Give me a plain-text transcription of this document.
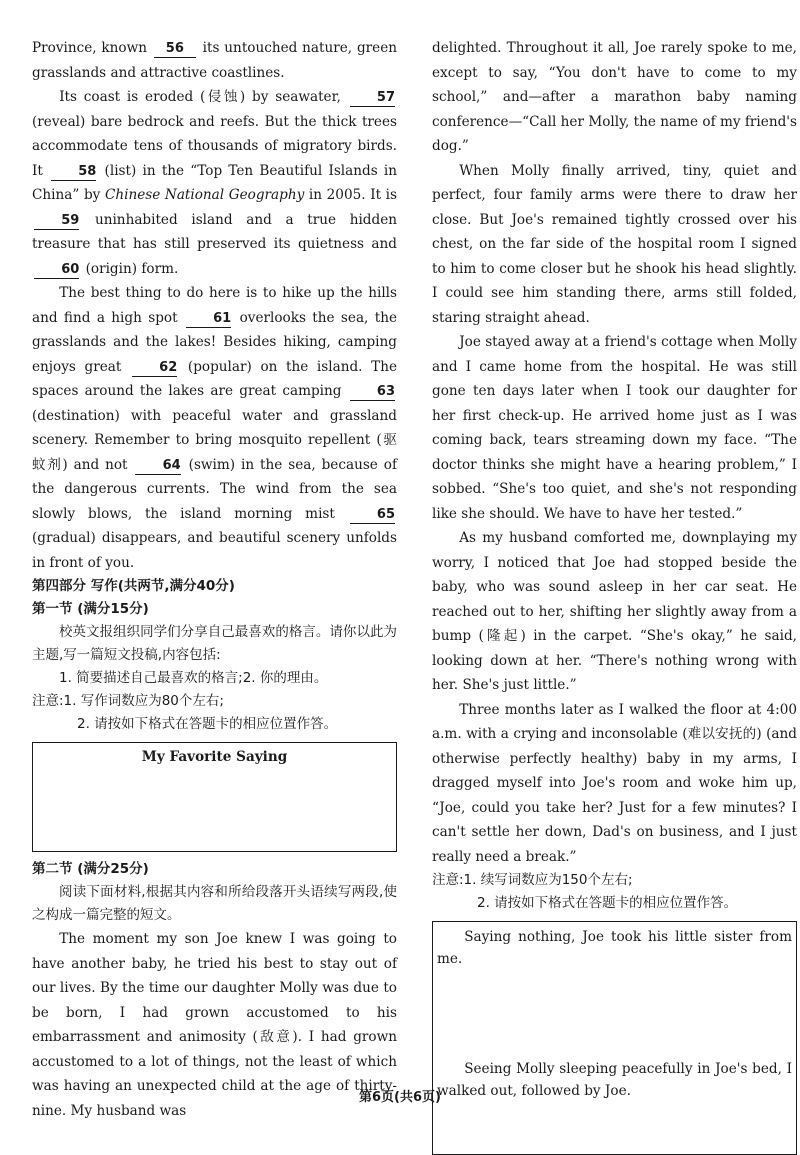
Province, known 56 its untouched nature, green grasslands and attractive coastlines.

Its coast is eroded (侵蚀) by seawater, 57 (reveal) bare bedrock and reefs. But the thick trees accommodate tens of thousands of migratory birds. It 58 (list) in the “Top Ten Beautiful Islands in China” by Chinese National Geography in 2005. It is 59 uninhabited island and a true hidden treasure that has still preserved its quietness and 60 (origin) form.

The best thing to do here is to hike up the hills and find a high spot 61 overlooks the sea, the grasslands and the lakes! Besides hiking, camping enjoys great 62 (popular) on the island. The spaces around the lakes are great camping 63 (destination) with peaceful water and grassland scenery. Remember to bring mosquito repellent (驱蚊剂) and not 64 (swim) in the sea, because of the dangerous currents. The wind from the sea slowly blows, the island morning mist 65 (gradual) disappears, and beautiful scenery unfolds in front of you.

第四部分 写作(共两节,满分40分)

第一节 (满分15分)

校英文报组织同学们分享自己最喜欢的格言。请你以此为主题,写一篇短文投稿,内容包括:

1. 简要描述自己最喜欢的格言;2. 你的理由。

注意:1. 写作词数应为80个左右;

2. 请按如下格式在答题卡的相应位置作答。

My Favorite Saying

第二节 (满分25分)

阅读下面材料,根据其内容和所给段落开头语续写两段,使之构成一篇完整的短文。

The moment my son Joe knew I was going to have another baby, he tried his best to stay out of our lives. By the time our daughter Molly was due to be born, I had grown accustomed to his embarrassment and animosity (敌意). I had grown accustomed to a lot of things, not the least of which was having an unexpected child at the age of thirty-nine. My husband was

delighted. Throughout it all, Joe rarely spoke to me, except to say, “You don't have to come to my school,” and—after a marathon baby naming conference—“Call her Molly, the name of my friend's dog.”

When Molly finally arrived, tiny, quiet and perfect, four family arms were there to draw her close. But Joe's remained tightly crossed over his chest, on the far side of the hospital room I signed to him to come closer but he shook his head slightly. I could see him standing there, arms still folded, staring straight ahead.

Joe stayed away at a friend's cottage when Molly and I came home from the hospital. He was still gone ten days later when I took our daughter for her first check-up. He arrived home just as I was coming back, tears streaming down my face. “The doctor thinks she might have a hearing problem,” I sobbed. “She's too quiet, and she's not responding like she should. We have to have her tested.”

As my husband comforted me, downplaying my worry, I noticed that Joe had stopped beside the baby, who was sound asleep in her car seat. He reached out to her, shifting her slightly away from a bump (隆起) in the carpet. “She's okay,” he said, looking down at her. “There's nothing wrong with her. She's just little.”

Three months later as I walked the floor at 4:00 a.m. with a crying and inconsolable (难以安抚的) (and otherwise perfectly healthy) baby in my arms, I dragged myself into Joe's room and woke him up, “Joe, could you take her? Just for a few minutes? I can't settle her down, Dad's on business, and I just really need a break.”

注意:1. 续写词数应为150个左右;

2. 请按如下格式在答题卡的相应位置作答。

Saying nothing, Joe took his little sister from me.

Seeing Molly sleeping peacefully in Joe's bed, I walked out, followed by Joe.

第6页(共6页)
